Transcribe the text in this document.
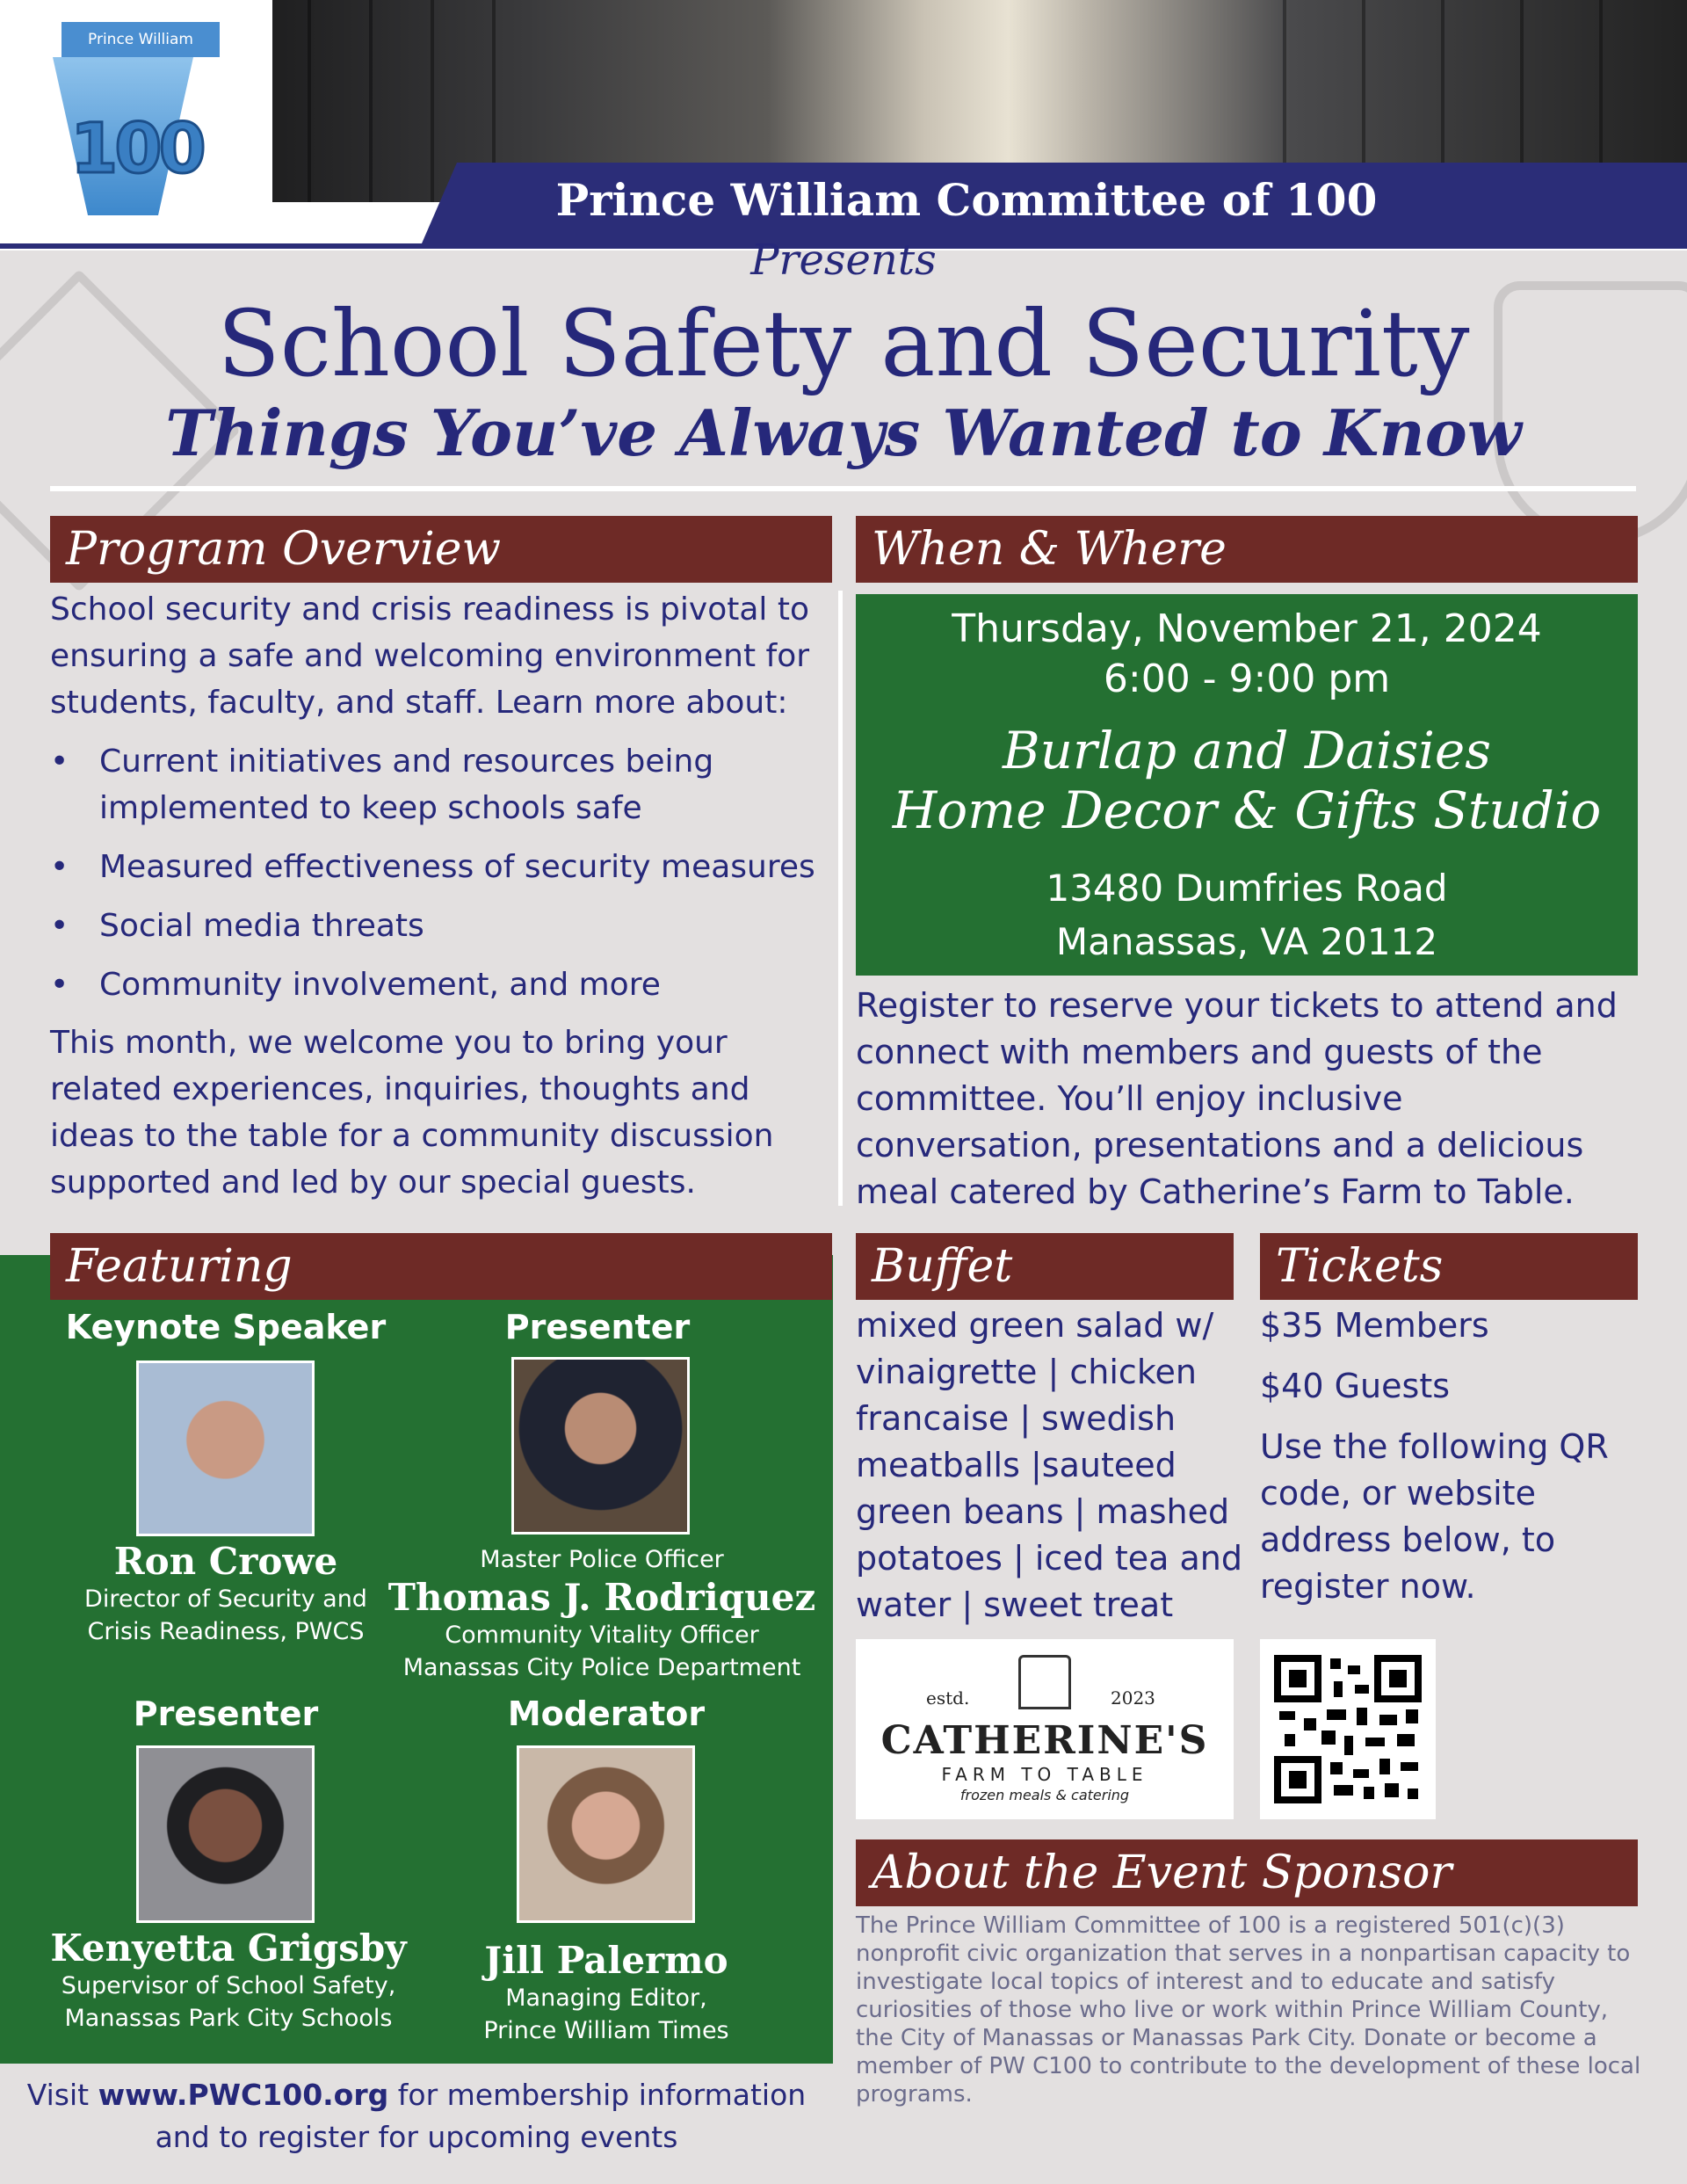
Prince William Committee of 100
Prince William
100
Presents
School Safety and Security
Things You’ve Always Wanted to Know
Program Overview
School security and crisis readiness is pivotal to ensuring a safe and welcoming environment for students, faculty, and staff. Learn more about:
• Current initiatives and resources being implemented to keep schools safe
• Measured effectiveness of security measures
• Social media threats
• Community involvement, and more
This month, we welcome you to bring your related experiences, inquiries, thoughts and ideas to the table for a community discussion supported and led by our special guests.
When & Where
Thursday, November 21, 2024
6:00 - 9:00 pm
Burlap and Daisies
Home Decor & Gifts Studio
13480 Dumfries Road
Manassas, VA 20112
Register to reserve your tickets to attend and connect with members and guests of the committee. You’ll enjoy inclusive conversation, presentations and a delicious meal catered by Catherine’s Farm to Table.
Featuring
Keynote Speaker
Ron Crowe
Director of Security and
Crisis Readiness, PWCS
Presenter
Master Police Officer
Thomas J. Rodriquez
Community Vitality Officer
Manassas City Police Department
Presenter
Kenyetta Grigsby
Supervisor of School Safety,
Manassas Park City Schools
Moderator
Jill Palermo
Managing Editor,
Prince William Times
Visit www.PWC100.org for membership information
and to register for upcoming events
Buffet
mixed green salad w/ vinaigrette | chicken francaise | swedish meatballs |sauteed green beans | mashed potatoes | iced tea and water | sweet treat
Tickets
$35 Members
$40 Guests
Use the following QR code, or website address below, to register now.
estd.	2023
CATHERINE'S
FARM TO TABLE
frozen meals & catering
About the Event Sponsor
The Prince William Committee of 100 is a registered 501(c)(3) nonprofit civic organization that serves in a nonpartisan capacity to investigate local topics of interest and to educate and satisfy curiosities of those who live or work within Prince William County, the City of Manassas or Manassas Park City. Donate or become a member of PW C100 to contribute to the development of these local programs.
